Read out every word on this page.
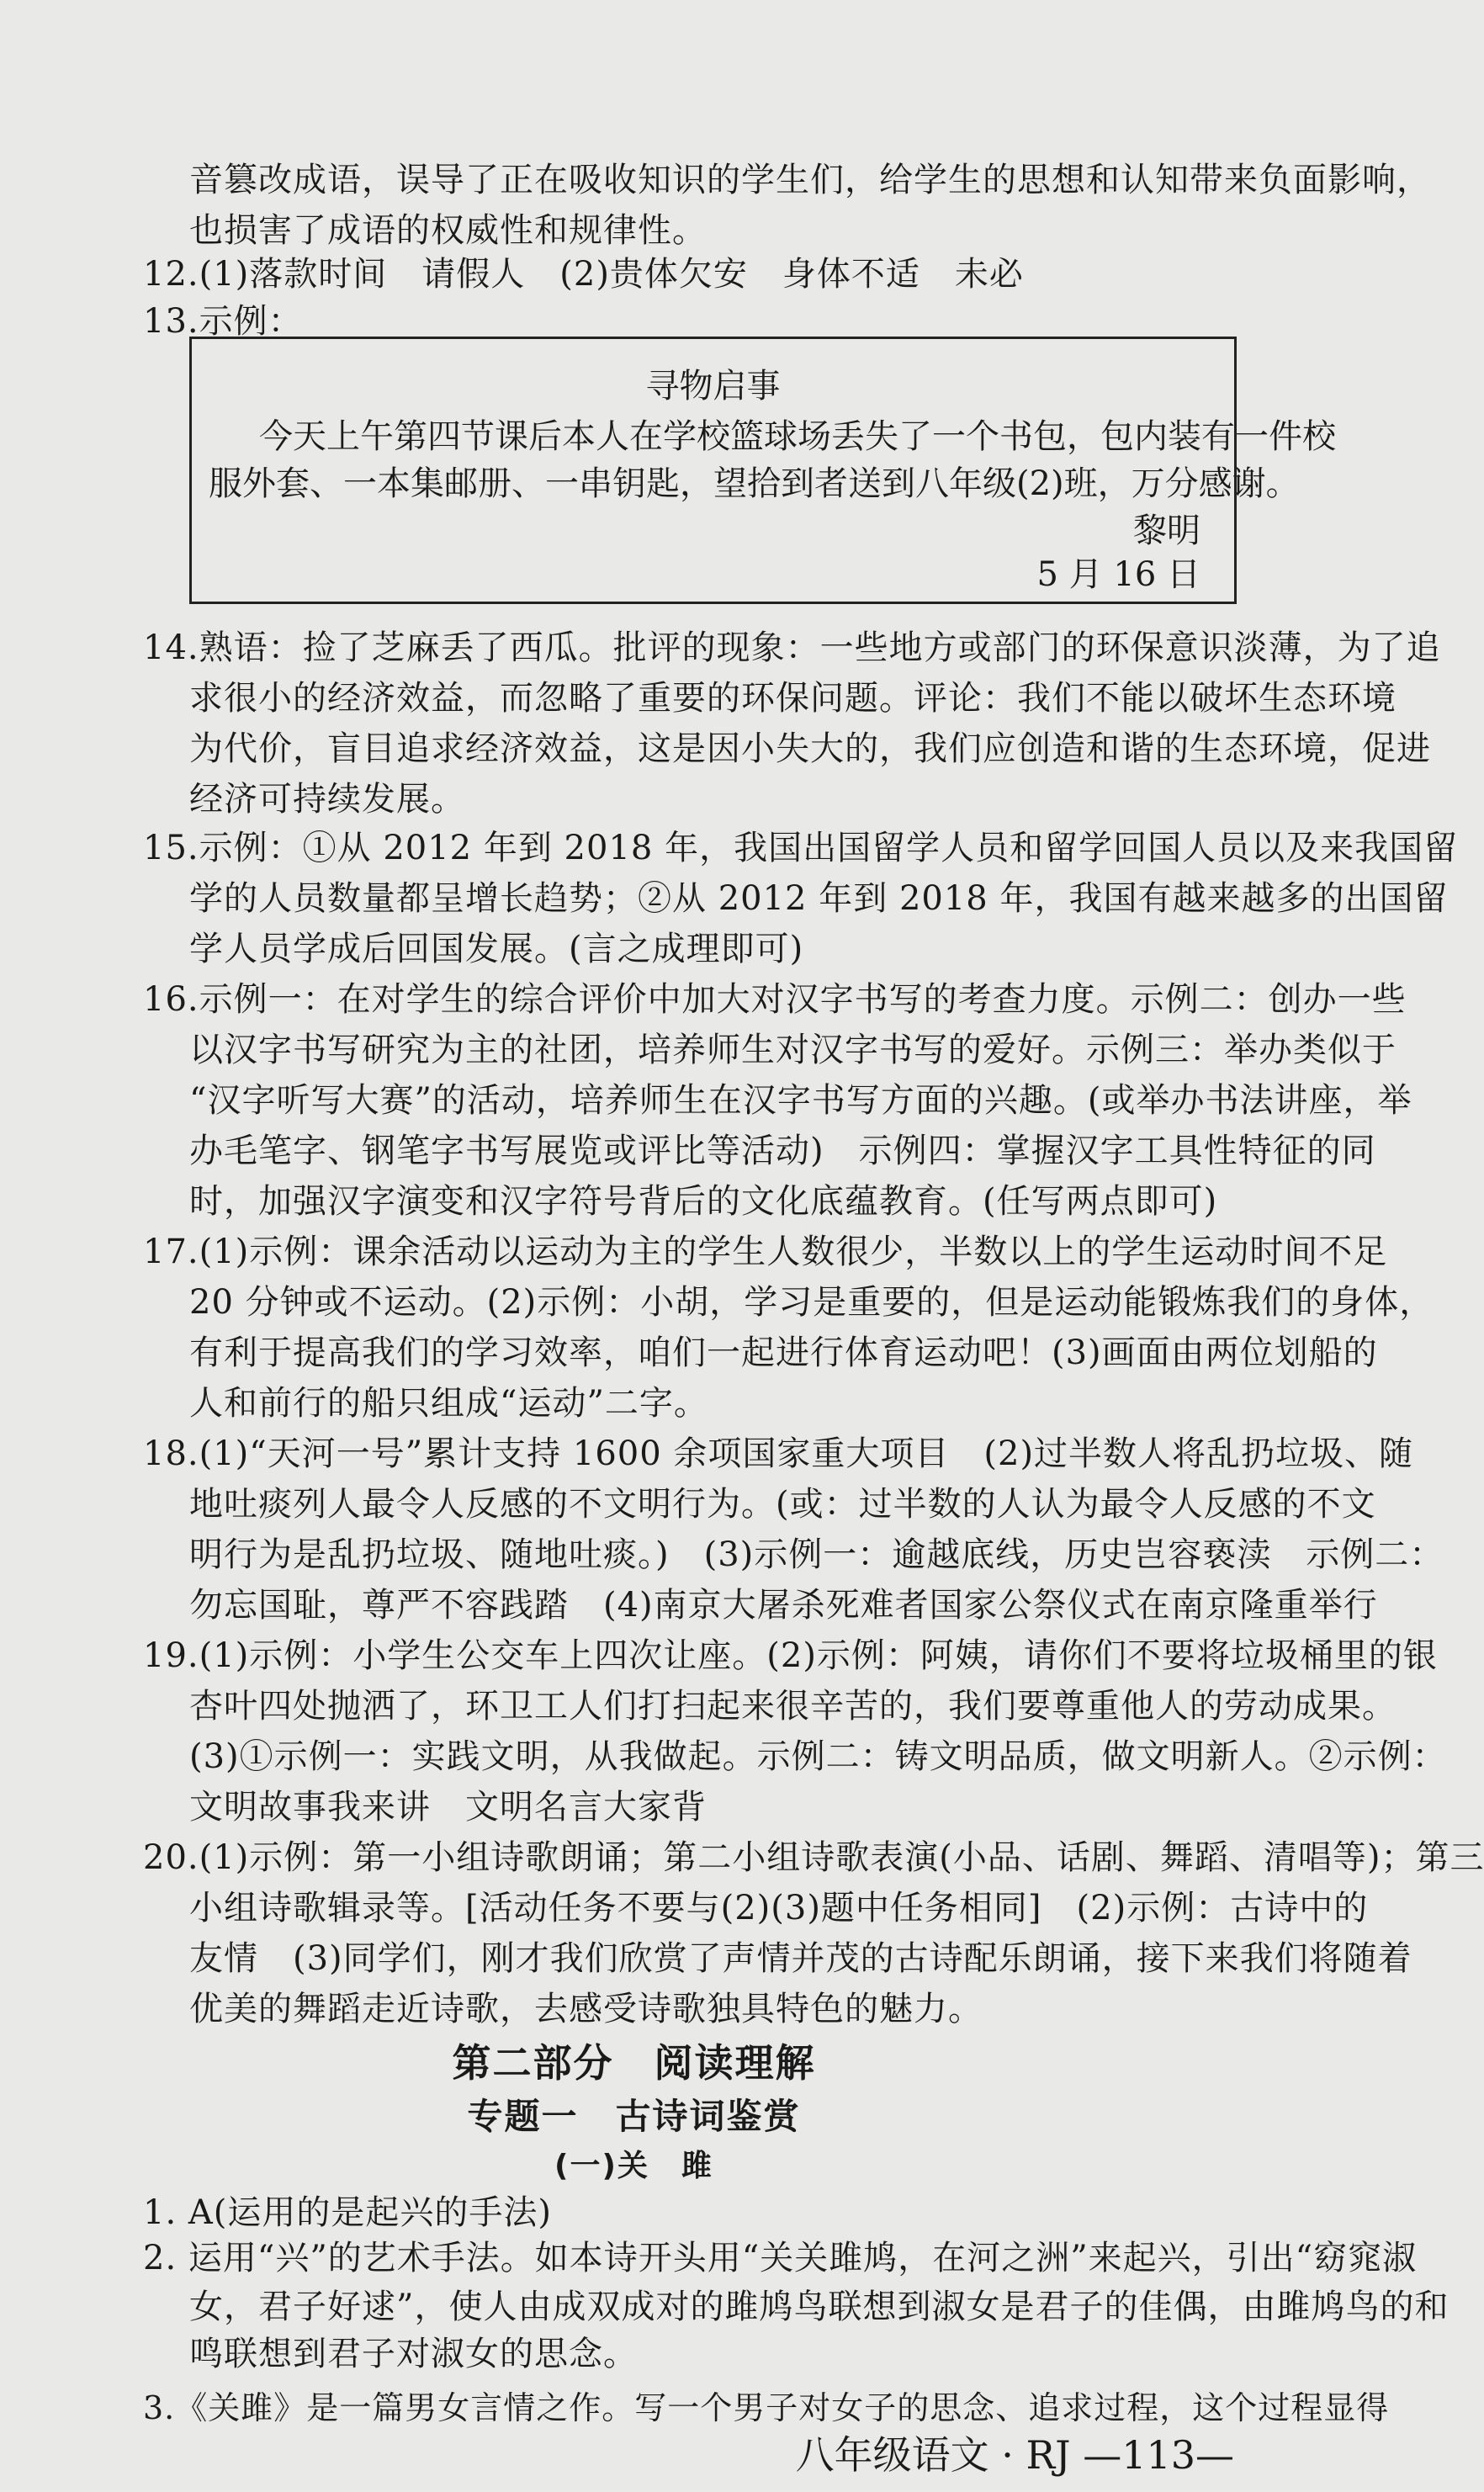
音篡改成语，误导了正在吸收知识的学生们，给学生的思想和认知带来负面影响，
也损害了成语的权威性和规律性。
12.(1)落款时间　请假人　(2)贵体欠安　身体不适　未必
13.示例：
寻物启事
今天上午第四节课后本人在学校篮球场丢失了一个书包，包内装有一件校
服外套、一本集邮册、一串钥匙，望拾到者送到八年级(2)班，万分感谢。
黎明
5 月 16 日
14.熟语：捡了芝麻丢了西瓜。批评的现象：一些地方或部门的环保意识淡薄，为了追
求很小的经济效益，而忽略了重要的环保问题。评论：我们不能以破坏生态环境
为代价，盲目追求经济效益，这是因小失大的，我们应创造和谐的生态环境，促进
经济可持续发展。
15.示例：①从 2012 年到 2018 年，我国出国留学人员和留学回国人员以及来我国留
学的人员数量都呈增长趋势；②从 2012 年到 2018 年，我国有越来越多的出国留
学人员学成后回国发展。(言之成理即可)
16.示例一：在对学生的综合评价中加大对汉字书写的考查力度。示例二：创办一些
以汉字书写研究为主的社团，培养师生对汉字书写的爱好。示例三：举办类似于
“汉字听写大赛”的活动，培养师生在汉字书写方面的兴趣。(或举办书法讲座，举
办毛笔字、钢笔字书写展览或评比等活动)　示例四：掌握汉字工具性特征的同
时，加强汉字演变和汉字符号背后的文化底蕴教育。(任写两点即可)
17.(1)示例：课余活动以运动为主的学生人数很少，半数以上的学生运动时间不足
20 分钟或不运动。(2)示例：小胡，学习是重要的，但是运动能锻炼我们的身体，
有利于提高我们的学习效率，咱们一起进行体育运动吧！(3)画面由两位划船的
人和前行的船只组成“运动”二字。
18.(1)“天河一号”累计支持 1600 余项国家重大项目　(2)过半数人将乱扔垃圾、随
地吐痰列人最令人反感的不文明行为。(或：过半数的人认为最令人反感的不文
明行为是乱扔垃圾、随地吐痰。)　(3)示例一：逾越底线，历史岂容亵渎　示例二：
勿忘国耻，尊严不容践踏　(4)南京大屠杀死难者国家公祭仪式在南京隆重举行
19.(1)示例：小学生公交车上四次让座。(2)示例：阿姨，请你们不要将垃圾桶里的银
杏叶四处抛洒了，环卫工人们打扫起来很辛苦的，我们要尊重他人的劳动成果。
(3)①示例一：实践文明，从我做起。示例二：铸文明品质，做文明新人。②示例：
文明故事我来讲　文明名言大家背
20.(1)示例：第一小组诗歌朗诵；第二小组诗歌表演(小品、话剧、舞蹈、清唱等)；第三
小组诗歌辑录等。[活动任务不要与(2)(3)题中任务相同]　(2)示例：古诗中的
友情　(3)同学们，刚才我们欣赏了声情并茂的古诗配乐朗诵，接下来我们将随着
优美的舞蹈走近诗歌，去感受诗歌独具特色的魅力。
第二部分　阅读理解
专题一　古诗词鉴赏
(一)关　雎
1. A(运用的是起兴的手法)
2. 运用“兴”的艺术手法。如本诗开头用“关关雎鸠，在河之洲”来起兴，引出“窈窕淑
女，君子好逑”，使人由成双成对的雎鸠鸟联想到淑女是君子的佳偶，由雎鸠鸟的和
鸣联想到君子对淑女的思念。
3.《关雎》是一篇男女言情之作。写一个男子对女子的思念、追求过程，这个过程显得
八年级语文 · RJ —113—
